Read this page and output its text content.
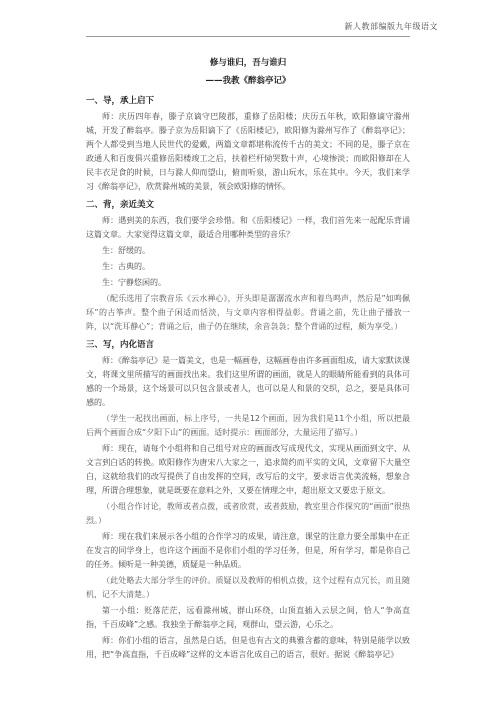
新人教部编版九年级语文
修与谁归，吾与谁归
——我教《醉翁亭记》
一、导，承上启下
师：庆历四年春，滕子京谪守巴陵郡，重修了岳阳楼；庆历五年秋，欧阳修谪守滁州城，开发了醉翁亭。滕子京为岳阳谪下了《岳阳楼记》，欧阳修为滁州写作了《醉翁亭记》；两个人都受到当地人民世代的爱戴，两篇文章都堪称流传千古的美文；不同的是，滕子京在政通人和百废俱兴重修岳阳楼竣工之后，扶着栏杆恸哭数十声，心境惨淡；而欧阳修却在人民丰衣足食的时候，日与滁人仰而望山，俯而听泉，游山玩水，乐在其中。今天，我们来学习《醉翁亭记》，欣赏滁州城的美景，领会欧阳修的情怀。
二、背，亲近美文
师：遇到美的东西，我们要学会珍惜。和《岳阳楼记》一样，我们首先来一起配乐背诵这篇文章。大家觉得这篇文章，最适合用哪种类型的音乐？
生：舒缓的。
生：古典的。
生：宁静悠闲的。
（配乐选用了宗教音乐《云水禅心》，开头即是潺潺流水声和着鸟鸣声，然后是”如鸣佩环”的古筝声。整个曲子闲适而恬淡，与文章内容相得益彰。背诵之前，先让曲子播放一阵，以“洗耳静心”；背诵之后，曲子仍在继续，余音袅袅；整个背诵的过程，颇为享受。）
三、写，内化语言
师：《醉翁亭记》是一篇美文，也是一幅画卷，这幅画卷由许多画面组成，请大家默读课文，将课文里所描写的画面找出来。我们这里所谓的画面，就是人的眼睛所能看到的具体可感的一个场景，这个场景可以只包含景或者人，也可以是人和景的交织，总之，要是具体可感的。
（学生一起找出画面，标上序号，一共是12个画面，因为我们是11个小组，所以把最后两个画面合成“夕阳下山”的画面。适时提示：画面部分，大量运用了描写。）
师：现在，请每个小组将和自己组号对应的画面改写成现代文，实现从画面到文字、从文言到白话的转换。欧阳修作为唐宋八大家之一，追求简约而平实的文风，文章留下大量空白，这就给我们的改写提供了自由发挥的空间，改写后的文字，要求语言优美流畅，想象合理，所谓合理想象，就是既要在意料之外，又要在情理之中，超出原文又要忠于原文。
（小组合作讨论，教师或者点拨，或者欣赏，或者鼓励，教室里合作探究的“画面”很热烈。）
师：现在我们来展示各小组的合作学习的成果，请注意，课堂的注意力要全部集中在正在发言的同学身上，也许这个画面不是你们小组的学习任务，但是，所有学习，都是你自己的任务。倾听是一种美德，质疑是一种品质。
（此处略去大部分学生的评价。质疑以及教师的相机点拨，这个过程有点冗长，而且随机，记不大清楚。）
第一小组：贬落茫茫，远看滁州城，群山环绕，山顶直插入云层之间，恰人“争高直指，千百成峰”之感。我独坐于醉翁亭之间，观群山，望云游，心乐之。
师：你们小组的语言，虽然是白话，但是也有古文的典雅含蓄的意味，特别是能学以致用，把“争高直指，千百成峰”这样的文本语言化成自己的语言，很好。据说《醉翁亭记》
